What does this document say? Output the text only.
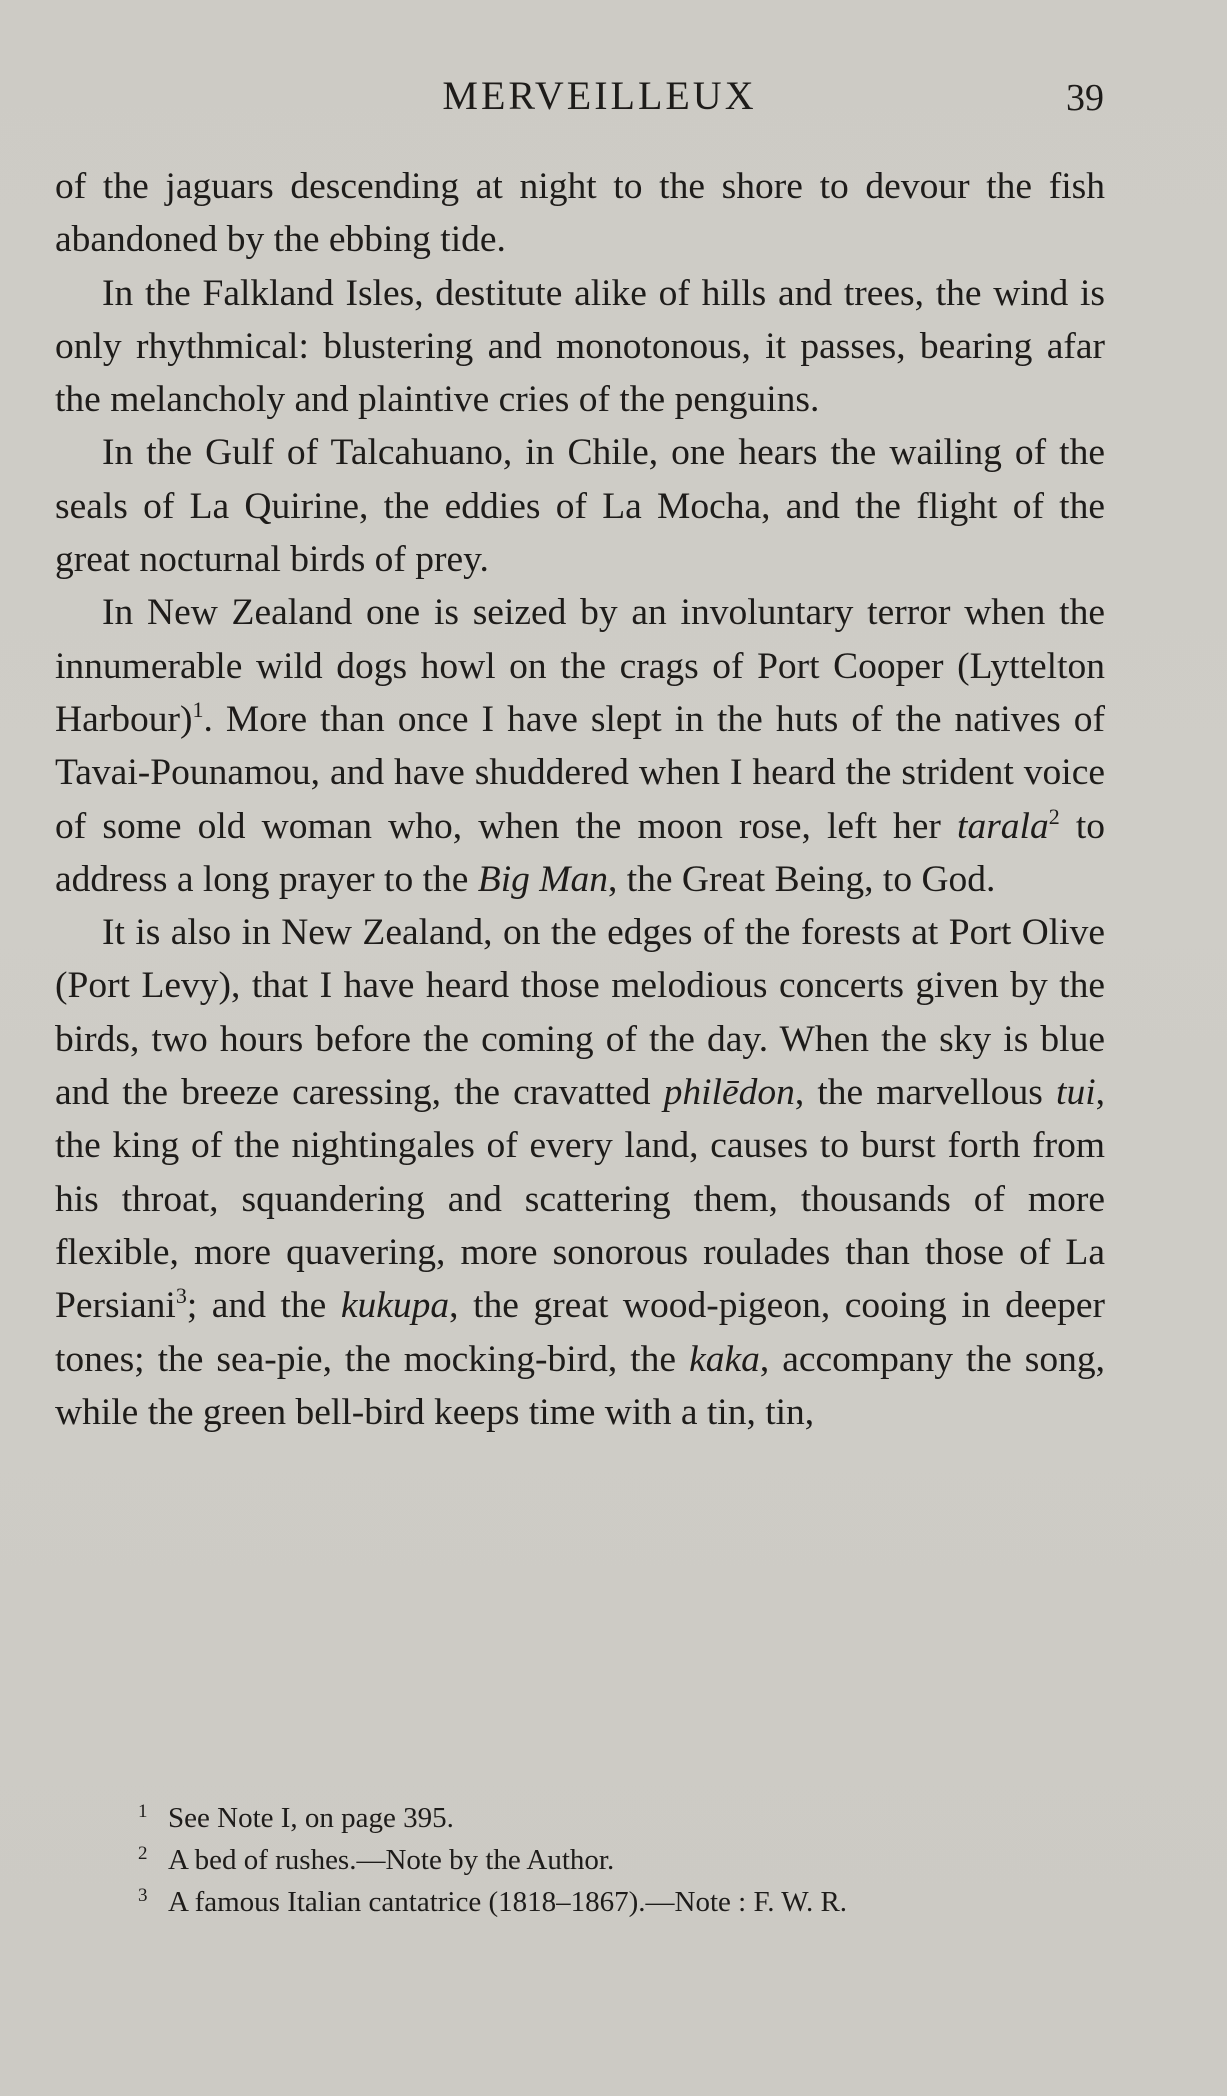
MERVEILLEUX	39

of the jaguars descending at night to the shore to devour the fish abandoned by the ebbing tide.

In the Falkland Isles, destitute alike of hills and trees, the wind is only rhythmical: blustering and monotonous, it passes, bearing afar the melancholy and plaintive cries of the penguins.

In the Gulf of Talcahuano, in Chile, one hears the wailing of the seals of La Quirine, the eddies of La Mocha, and the flight of the great nocturnal birds of prey.

In New Zealand one is seized by an involuntary terror when the innumerable wild dogs howl on the crags of Port Cooper (Lyttelton Harbour)$^1$. More than once I have slept in the huts of the natives of Tavai-Pounamou, and have shuddered when I heard the strident voice of some old woman who, when the moon rose, left her tarala$^2$ to address a long prayer to the Big Man, the Great Being, to God.

It is also in New Zealand, on the edges of the forests at Port Olive (Port Levy), that I have heard those melodious concerts given by the birds, two hours before the coming of the day. When the sky is blue and the breeze caressing, the cravatted philēdon, the marvellous tui, the king of the nightingales of every land, causes to burst forth from his throat, squandering and scattering them, thousands of more flexible, more quavering, more sonorous roulades than those of La Persiani$^3$; and the kukupa, the great wood-pigeon, cooing in deeper tones; the sea-pie, the mocking-bird, the kaka, accompany the song, while the green bell-bird keeps time with a tin, tin,

1 See Note I, on page 395.
2 A bed of rushes.—Note by the Author.
3 A famous Italian cantatrice (1818–1867).—Note : F. W. R.
